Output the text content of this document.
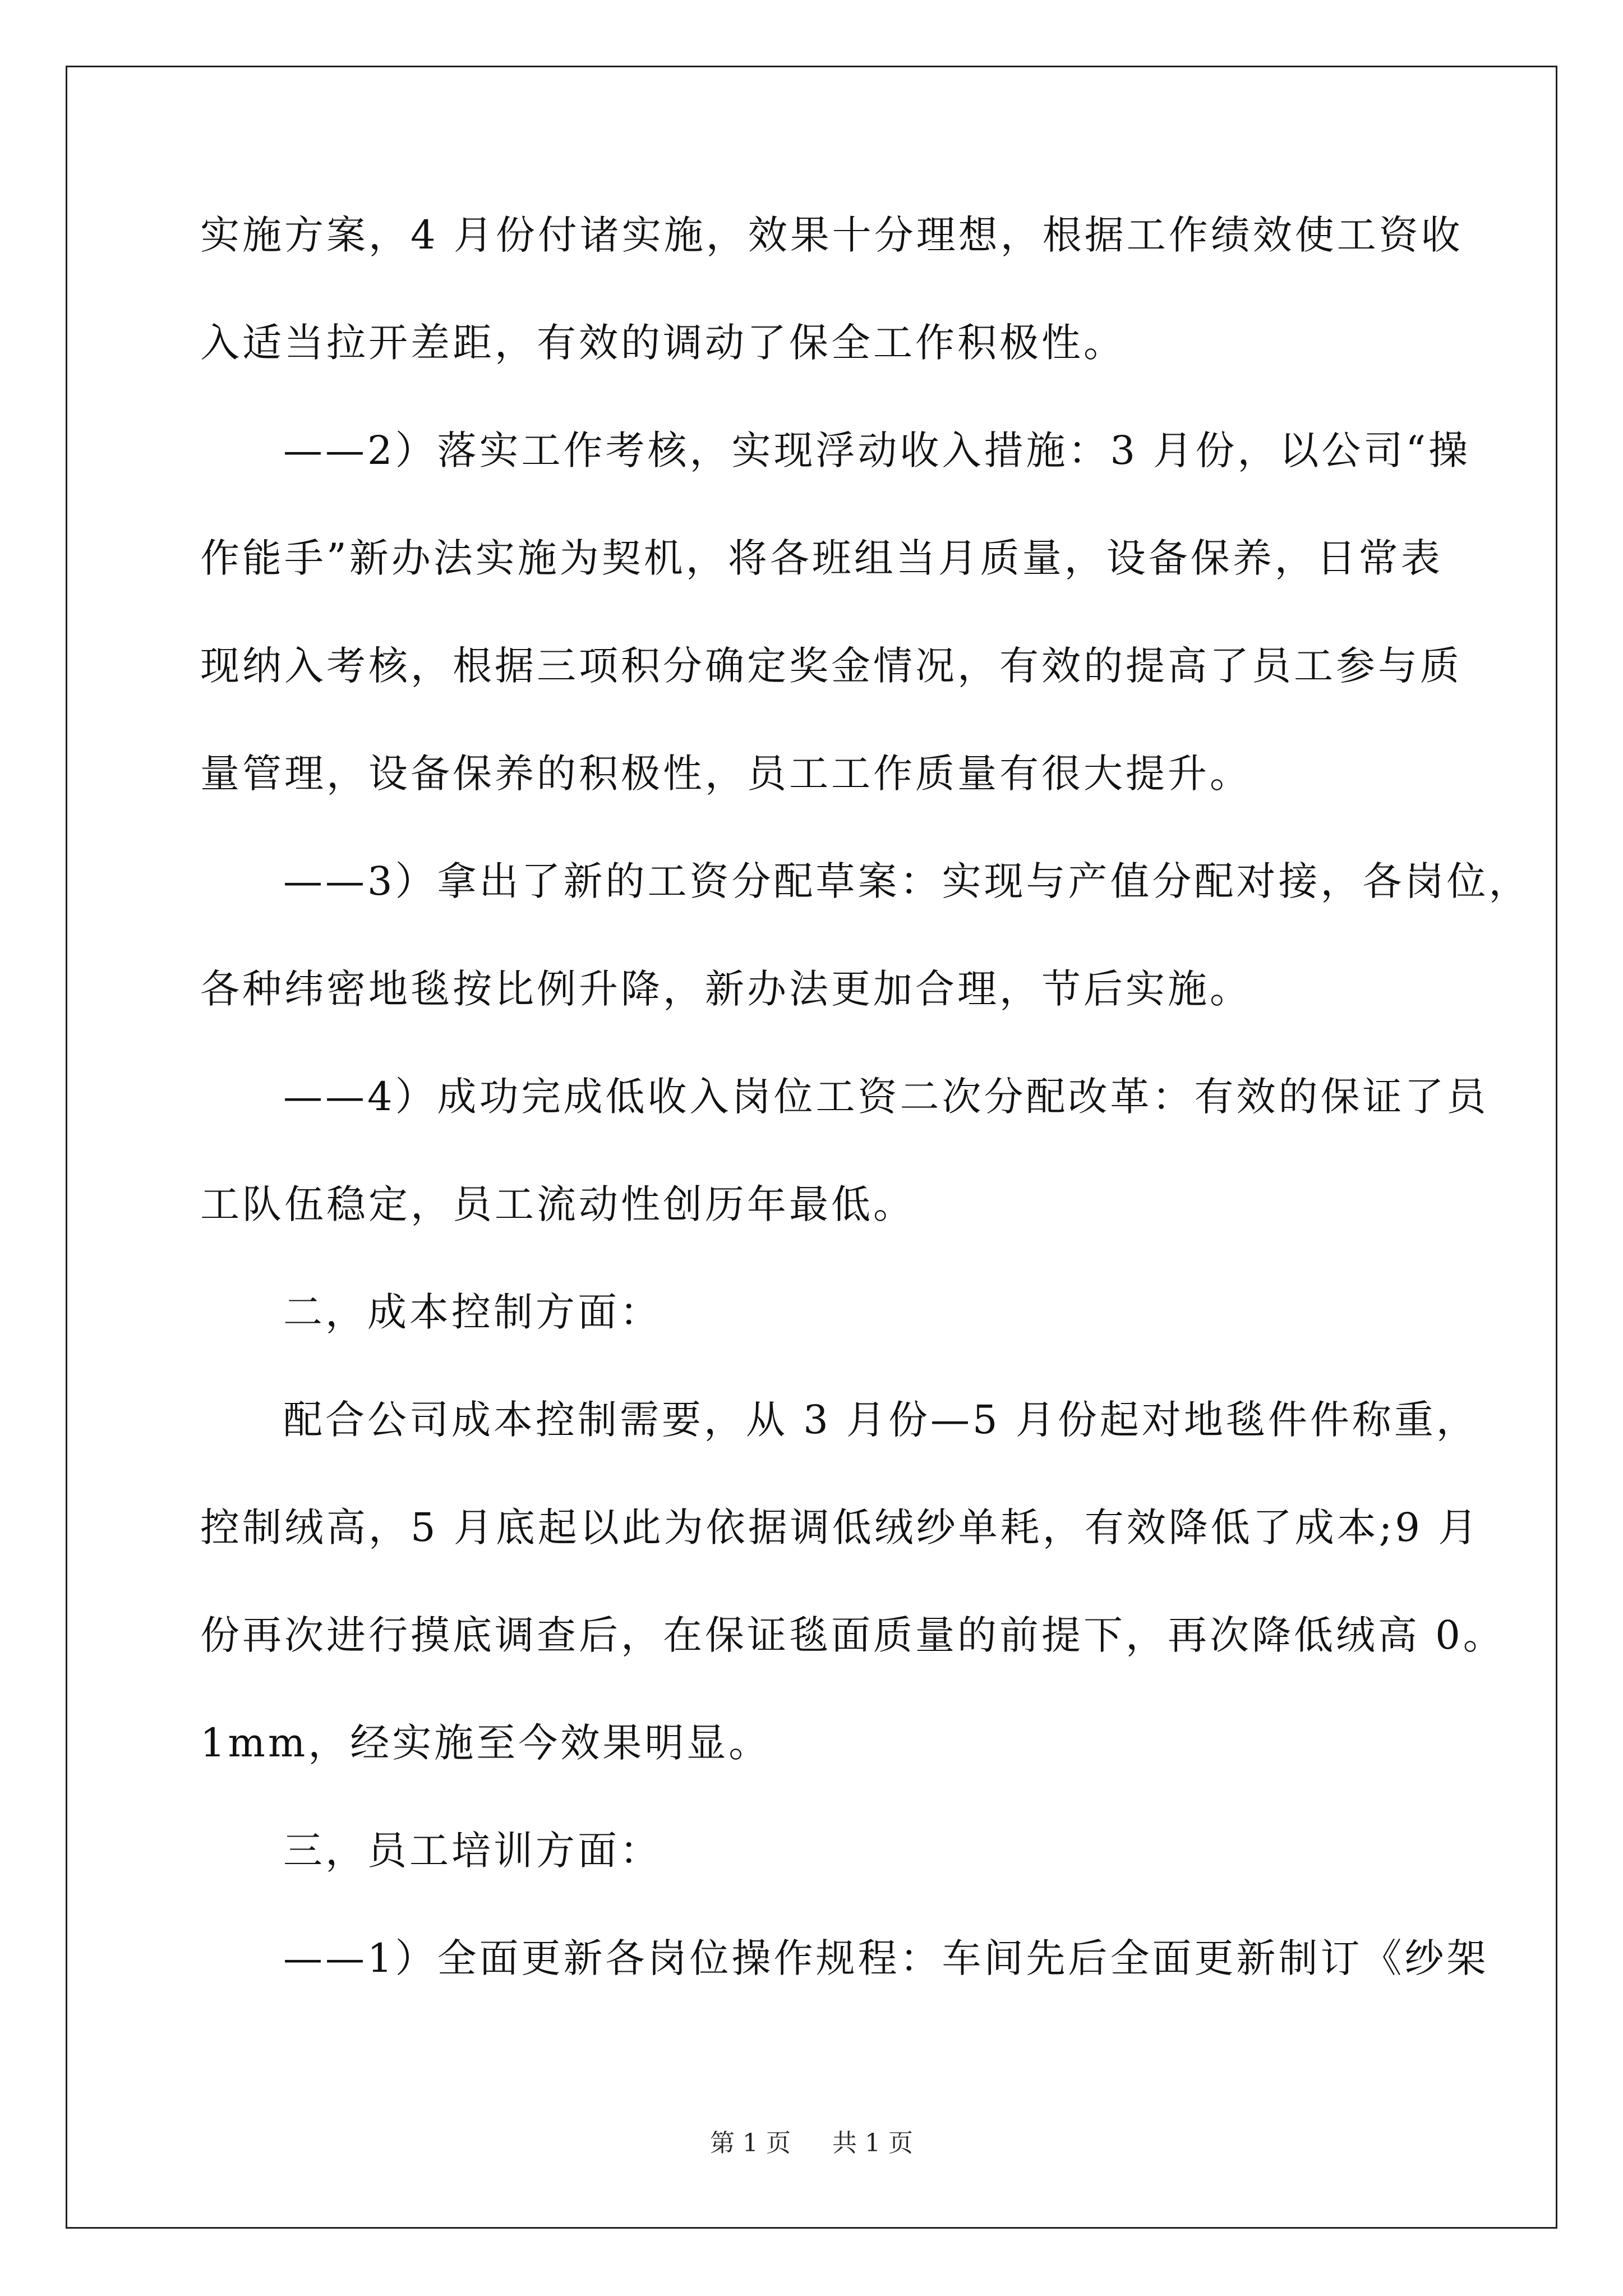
实施方案，4 月份付诸实施，效果十分理想，根据工作绩效使工资收
入适当拉开差距，有效的调动了保全工作积极性。
——2）落实工作考核，实现浮动收入措施：3 月份，以公司“操
作能手”新办法实施为契机，将各班组当月质量，设备保养，日常表
现纳入考核，根据三项积分确定奖金情况，有效的提高了员工参与质
量管理，设备保养的积极性，员工工作质量有很大提升。
——3）拿出了新的工资分配草案：实现与产值分配对接，各岗位，
各种纬密地毯按比例升降，新办法更加合理，节后实施。
——4）成功完成低收入岗位工资二次分配改革：有效的保证了员
工队伍稳定，员工流动性创历年最低。
二，成本控制方面：
配合公司成本控制需要，从 3 月份—5 月份起对地毯件件称重，
控制绒高，5 月底起以此为依据调低绒纱单耗，有效降低了成本;9 月
份再次进行摸底调查后，在保证毯面质量的前提下，再次降低绒高 0。
1mm，经实施至今效果明显。
三，员工培训方面：
——1）全面更新各岗位操作规程：车间先后全面更新制订《纱架
第 1 页 共 1 页
